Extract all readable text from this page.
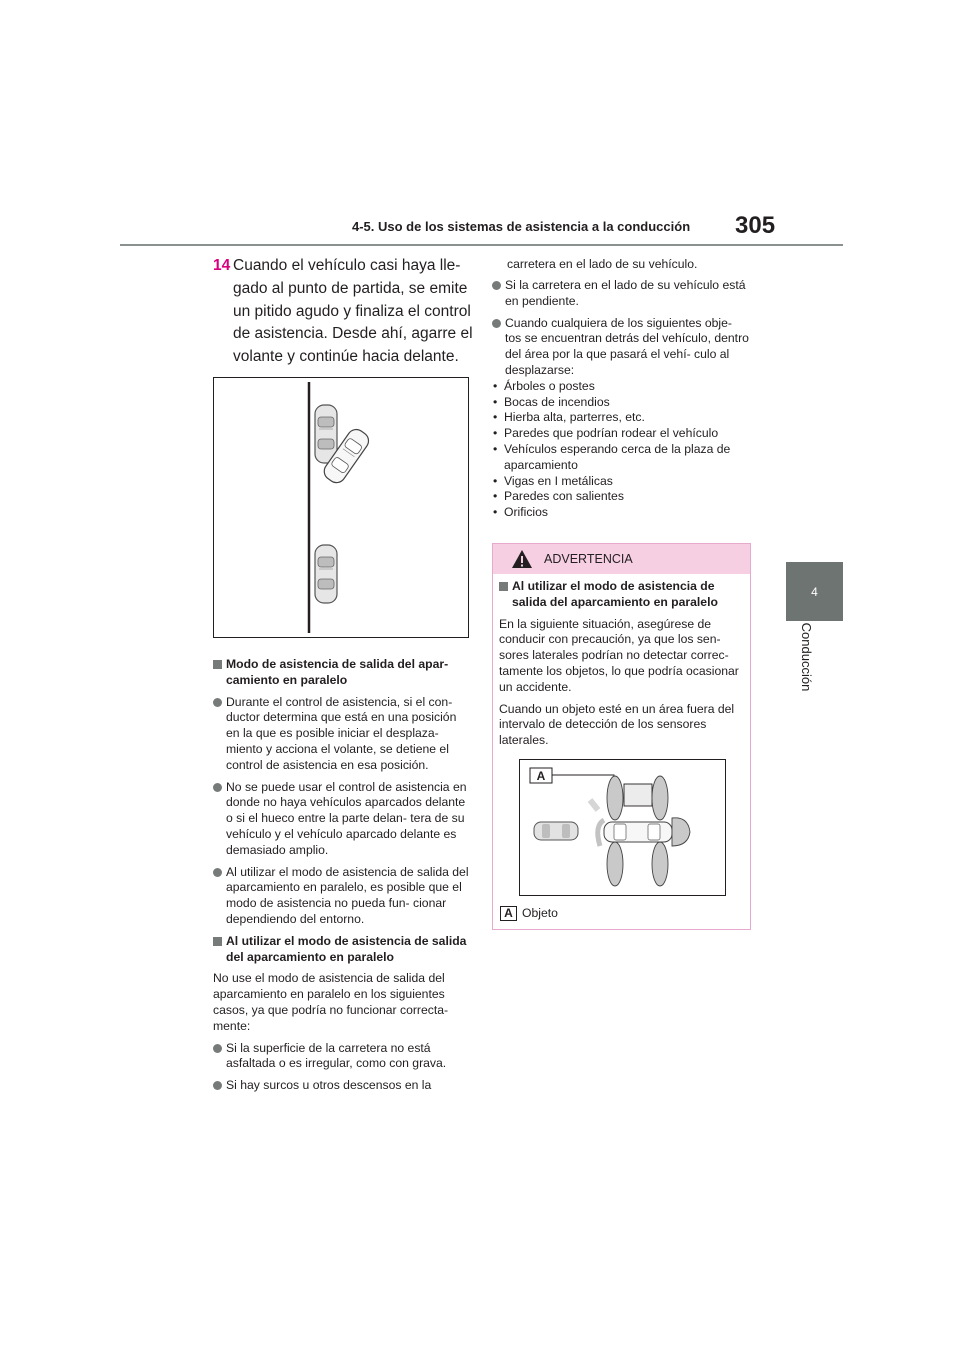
4-5. Uso de los sistemas de asistencia a la conducción 305
4
Conducción
14 Cuando el vehículo casi haya lle- gado al punto de partida, se emite un pitido agudo y finaliza el control de asistencia. Desde ahí, agarre el volante y continúe hacia delante.
Modo de asistencia de salida del apar- camiento en paralelo
Durante el control de asistencia, si el con- ductor determina que está en una posición en la que es posible iniciar el desplaza- miento y acciona el volante, se detiene el control de asistencia en esa posición.
No se puede usar el control de asistencia en donde no haya vehículos aparcados delante o si el hueco entre la parte delan- tera de su vehículo y el vehículo aparcado delante es demasiado amplio.
Al utilizar el modo de asistencia de salida del aparcamiento en paralelo, es posible que el modo de asistencia no pueda fun- cionar dependiendo del entorno.
Al utilizar el modo de asistencia de salida del aparcamiento en paralelo
No use el modo de asistencia de salida del aparcamiento en paralelo en los siguientes casos, ya que podría no funcionar correcta- mente:
Si la superficie de la carretera no está asfaltada o es irregular, como con grava.
Si hay surcos u otros descensos en la
carretera en el lado de su vehículo.
Si la carretera en el lado de su vehículo está en pendiente.
Cuando cualquiera de los siguientes obje- tos se encuentran detrás del vehículo, dentro del área por la que pasará el vehí- culo al desplazarse:
• Árboles o postes
• Bocas de incendios
• Hierba alta, parterres, etc.
• Paredes que podrían rodear el vehículo
• Vehículos esperando cerca de la plaza de aparcamiento
• Vigas en I metálicas
• Paredes con salientes
• Orificios
ADVERTENCIA
Al utilizar el modo de asistencia de salida del aparcamiento en paralelo
En la siguiente situación, asegúrese de conducir con precaución, ya que los sen- sores laterales podrían no detectar correc- tamente los objetos, lo que podría ocasionar un accidente.
Cuando un objeto esté en un área fuera del intervalo de detección de los sensores laterales.
A
A Objeto
